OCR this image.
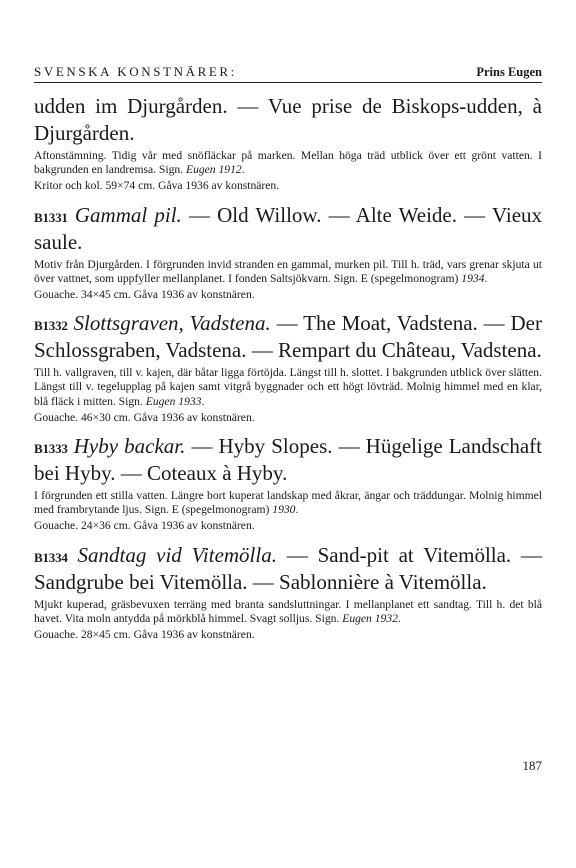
SVENSKA KONSTNÄRER:	Prins Eugen

udden im Djurgården. — Vue prise de Biskops-udden, à Djurgården.

Aftonstämning. Tidig vår med snöfläckar på marken. Mellan höga träd utblick över ett grönt vatten. I bakgrunden en landremsa. Sign. Eugen 1912.

Kritor och kol. 59×74 cm. Gåva 1936 av konstnären.

B1331 Gammal pil. — Old Willow. — Alte Weide. — Vieux saule.

Motiv från Djurgården. I förgrunden invid stranden en gammal, murken pil. Till h. träd, vars grenar skjuta ut över vattnet, som uppfyller mellanplanet. I fonden Saltsjökvarn. Sign. E (spegelmonogram) 1934.

Gouache. 34×45 cm. Gåva 1936 av konstnären.

B1332 Slottsgraven, Vadstena. — The Moat, Vadstena. — Der Schlossgraben, Vadstena. — Rempart du Château, Vadstena.

Till h. vallgraven, till v. kajen, där båtar ligga förtöjda. Längst till h. slottet. I bakgrunden utblick över slätten. Längst till v. tegelupplag på kajen samt vitgrå byggnader och ett högt lövträd. Molnig himmel med en klar, blå fläck i mitten. Sign. Eugen 1933.

Gouache. 46×30 cm. Gåva 1936 av konstnären.

B1333 Hyby backar. — Hyby Slopes. — Hügelige Landschaft bei Hyby. — Coteaux à Hyby.

I förgrunden ett stilla vatten. Längre bort kuperat landskap med åkrar, ängar och träddungar. Molnig himmel med frambrytande ljus. Sign. E (spegelmonogram) 1930.

Gouache. 24×36 cm. Gåva 1936 av konstnären.

B1334 Sandtag vid Vitemölla. — Sand-pit at Vitemölla. — Sandgrube bei Vitemölla. — Sablonnière à Vitemölla.

Mjukt kuperad, gräsbevuxen terräng med branta sandsluttningar. I mellanplanet ett sandtag. Till h. det blå havet. Vita moln antydda på mörkblå himmel. Svagt solljus. Sign. Eugen 1932.

Gouache. 28×45 cm. Gåva 1936 av konstnären.

187
